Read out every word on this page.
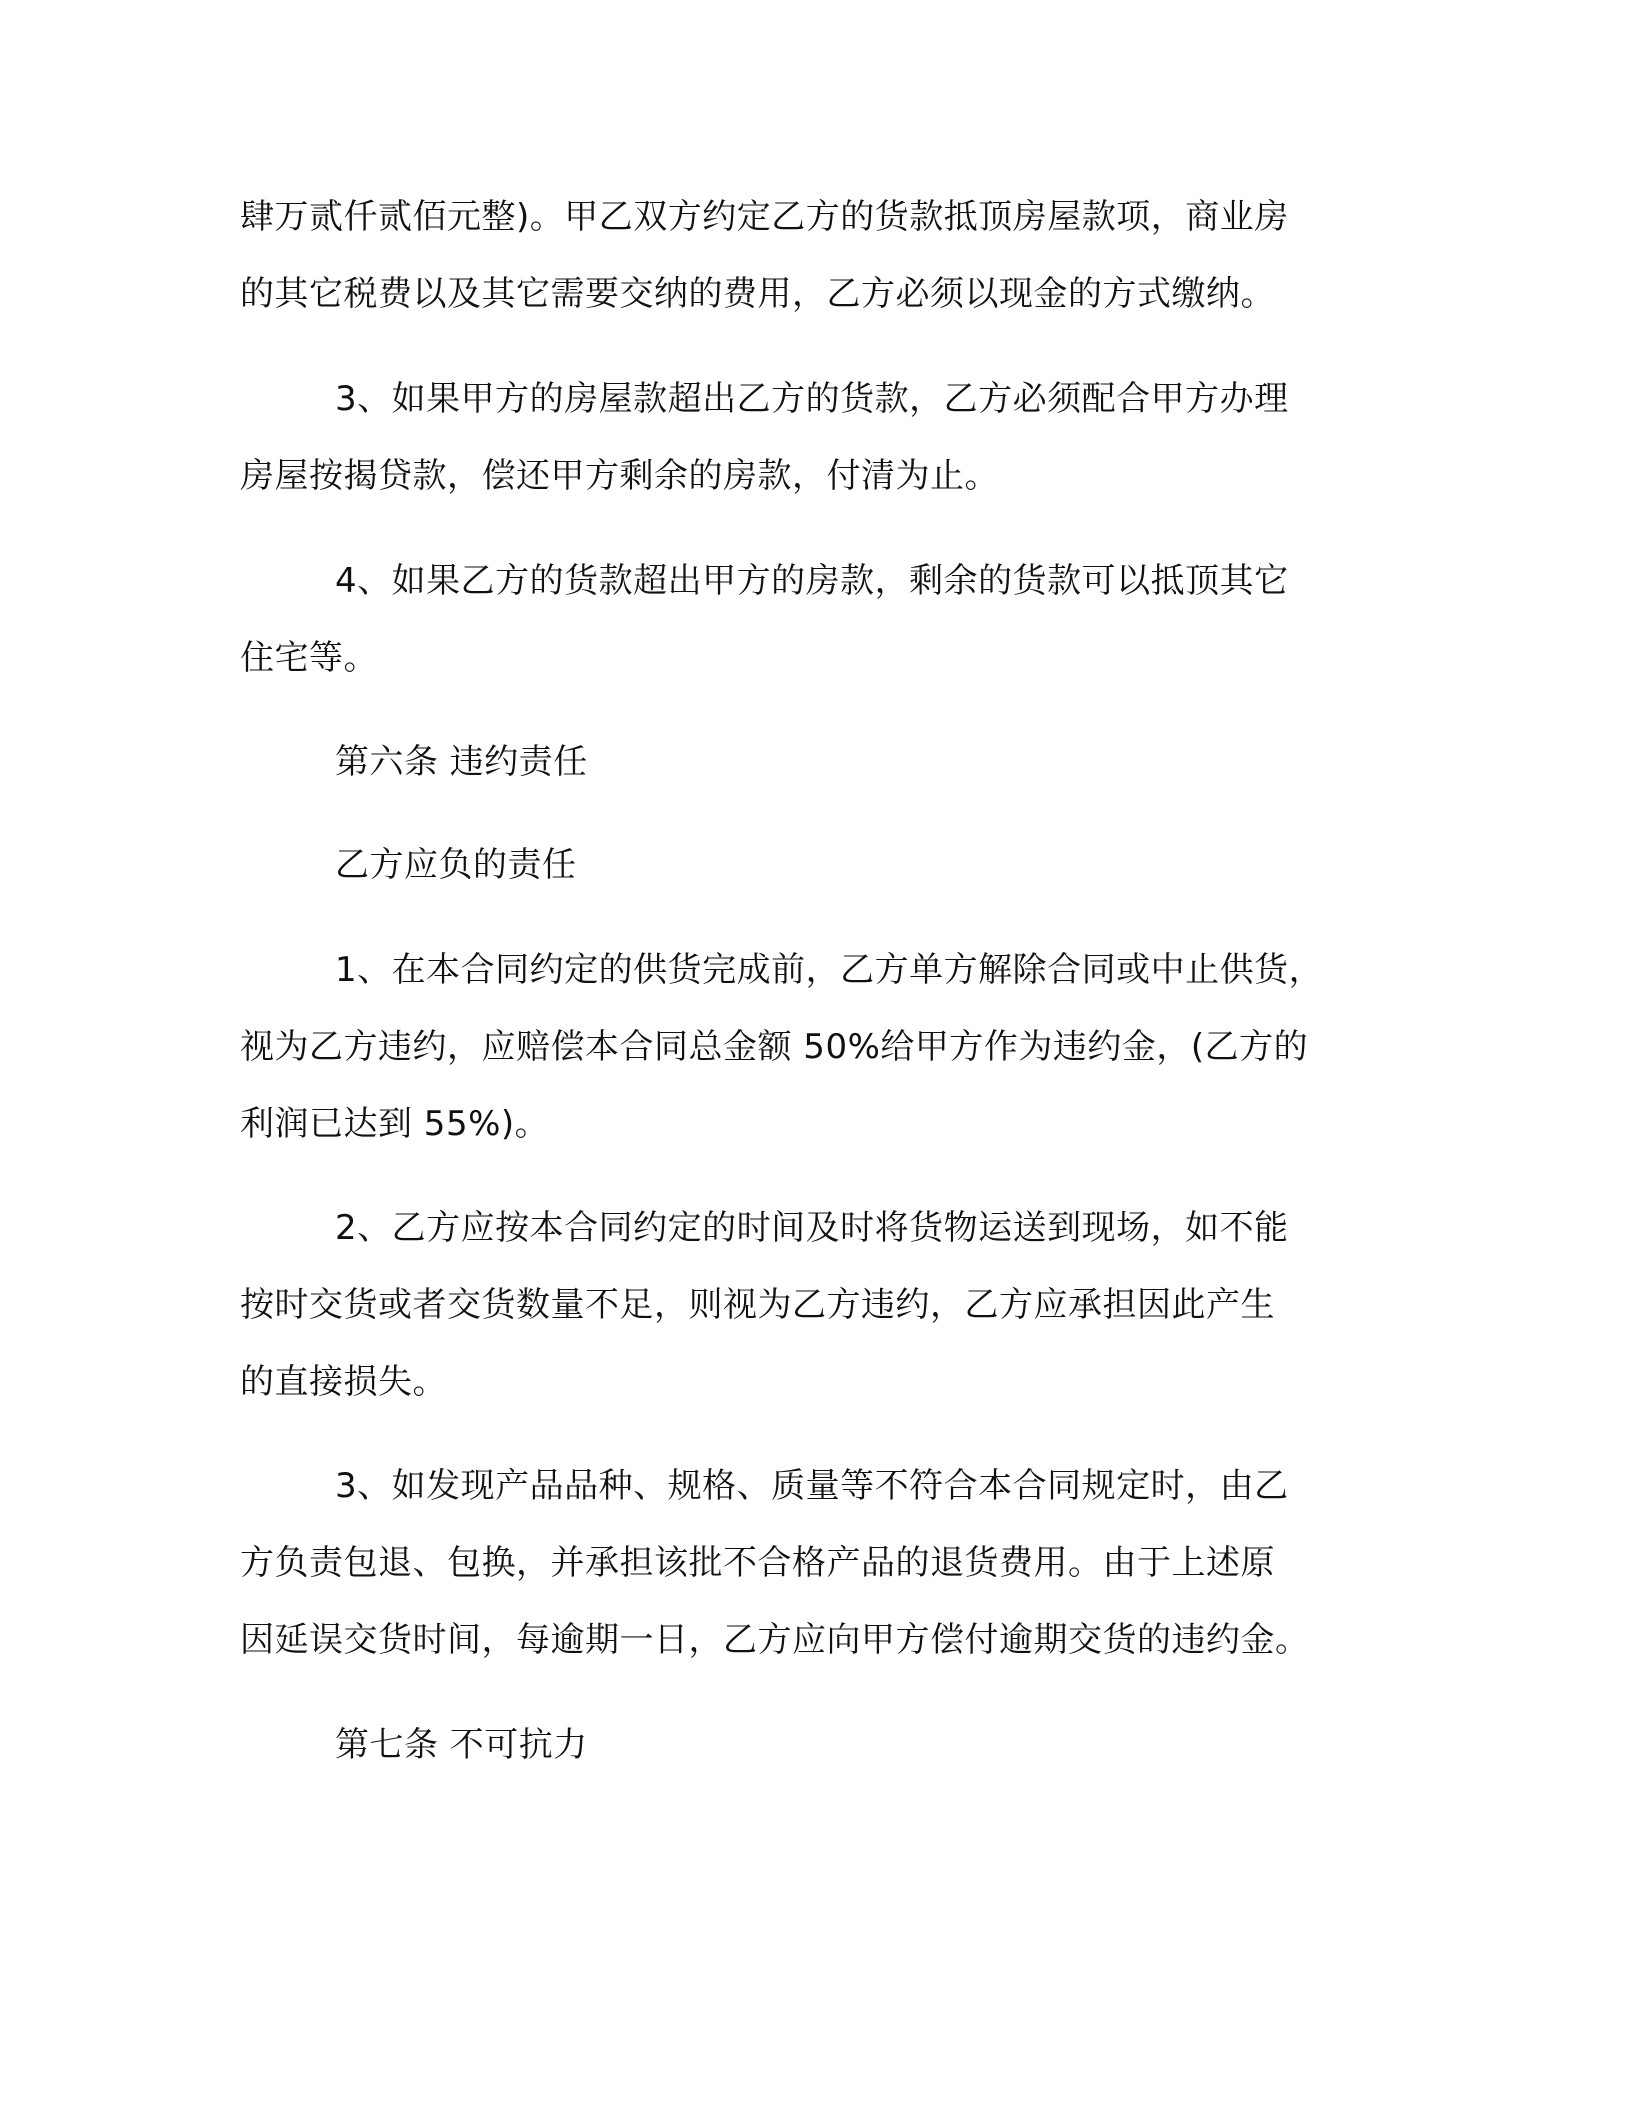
肆万贰仟贰佰元整)。甲乙双方约定乙方的货款抵顶房屋款项，商业房
的其它税费以及其它需要交纳的费用，乙方必须以现金的方式缴纳。
3、如果甲方的房屋款超出乙方的货款，乙方必须配合甲方办理
房屋按揭贷款，偿还甲方剩余的房款，付清为止。
4、如果乙方的货款超出甲方的房款，剩余的货款可以抵顶其它
住宅等。
第六条 违约责任
乙方应负的责任
1、在本合同约定的供货完成前，乙方单方解除合同或中止供货，
视为乙方违约，应赔偿本合同总金额 50%给甲方作为违约金，(乙方的
利润已达到 55%)。
2、乙方应按本合同约定的时间及时将货物运送到现场，如不能
按时交货或者交货数量不足，则视为乙方违约，乙方应承担因此产生
的直接损失。
3、如发现产品品种、规格、质量等不符合本合同规定时，由乙
方负责包退、包换，并承担该批不合格产品的退货费用。由于上述原
因延误交货时间，每逾期一日，乙方应向甲方偿付逾期交货的违约金。
第七条 不可抗力
